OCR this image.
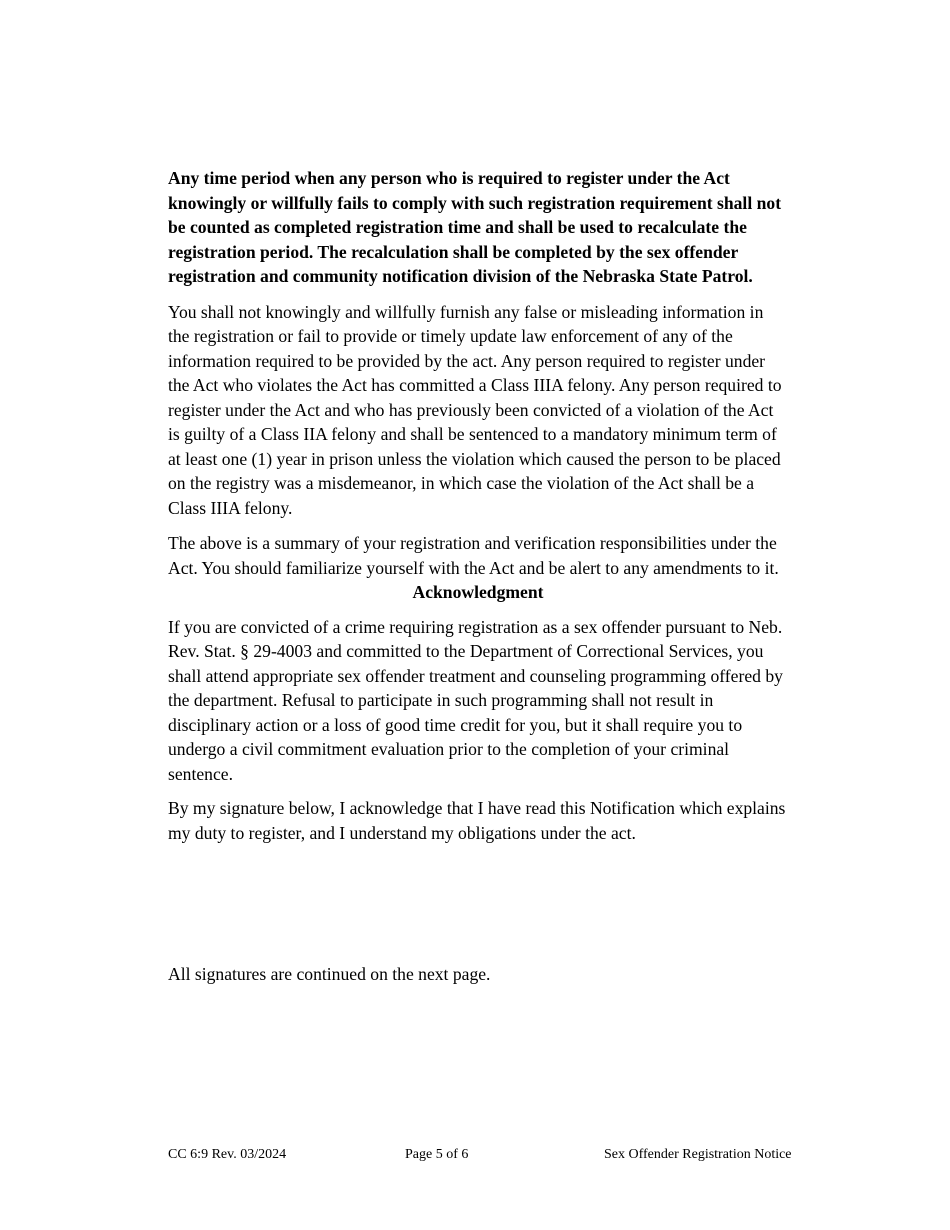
Any time period when any person who is required to register under the Act knowingly or willfully fails to comply with such registration requirement shall not be counted as completed registration time and shall be used to recalculate the registration period. The recalculation shall be completed by the sex offender registration and community notification division of the Nebraska State Patrol.

You shall not knowingly and willfully furnish any false or misleading information in the registration or fail to provide or timely update law enforcement of any of the information required to be provided by the act. Any person required to register under the Act who violates the Act has committed a Class IIIA felony. Any person required to register under the Act and who has previously been convicted of a violation of the Act is guilty of a Class IIA felony and shall be sentenced to a mandatory minimum term of at least one (1) year in prison unless the violation which caused the person to be placed on the registry was a misdemeanor, in which case the violation of the Act shall be a Class IIIA felony.

The above is a summary of your registration and verification responsibilities under the Act. You should familiarize yourself with the Act and be alert to any amendments to it.

Acknowledgment

If you are convicted of a crime requiring registration as a sex offender pursuant to Neb. Rev. Stat. § 29-4003 and committed to the Department of Correctional Services, you shall attend appropriate sex offender treatment and counseling programming offered by the department. Refusal to participate in such programming shall not result in disciplinary action or a loss of good time credit for you, but it shall require you to undergo a civil commitment evaluation prior to the completion of your criminal sentence.

By my signature below, I acknowledge that I have read this Notification which explains my duty to register, and I understand my obligations under the act.

All signatures are continued on the next page.

CC 6:9 Rev. 03/2024	Page 5 of 6	Sex Offender Registration Notice
